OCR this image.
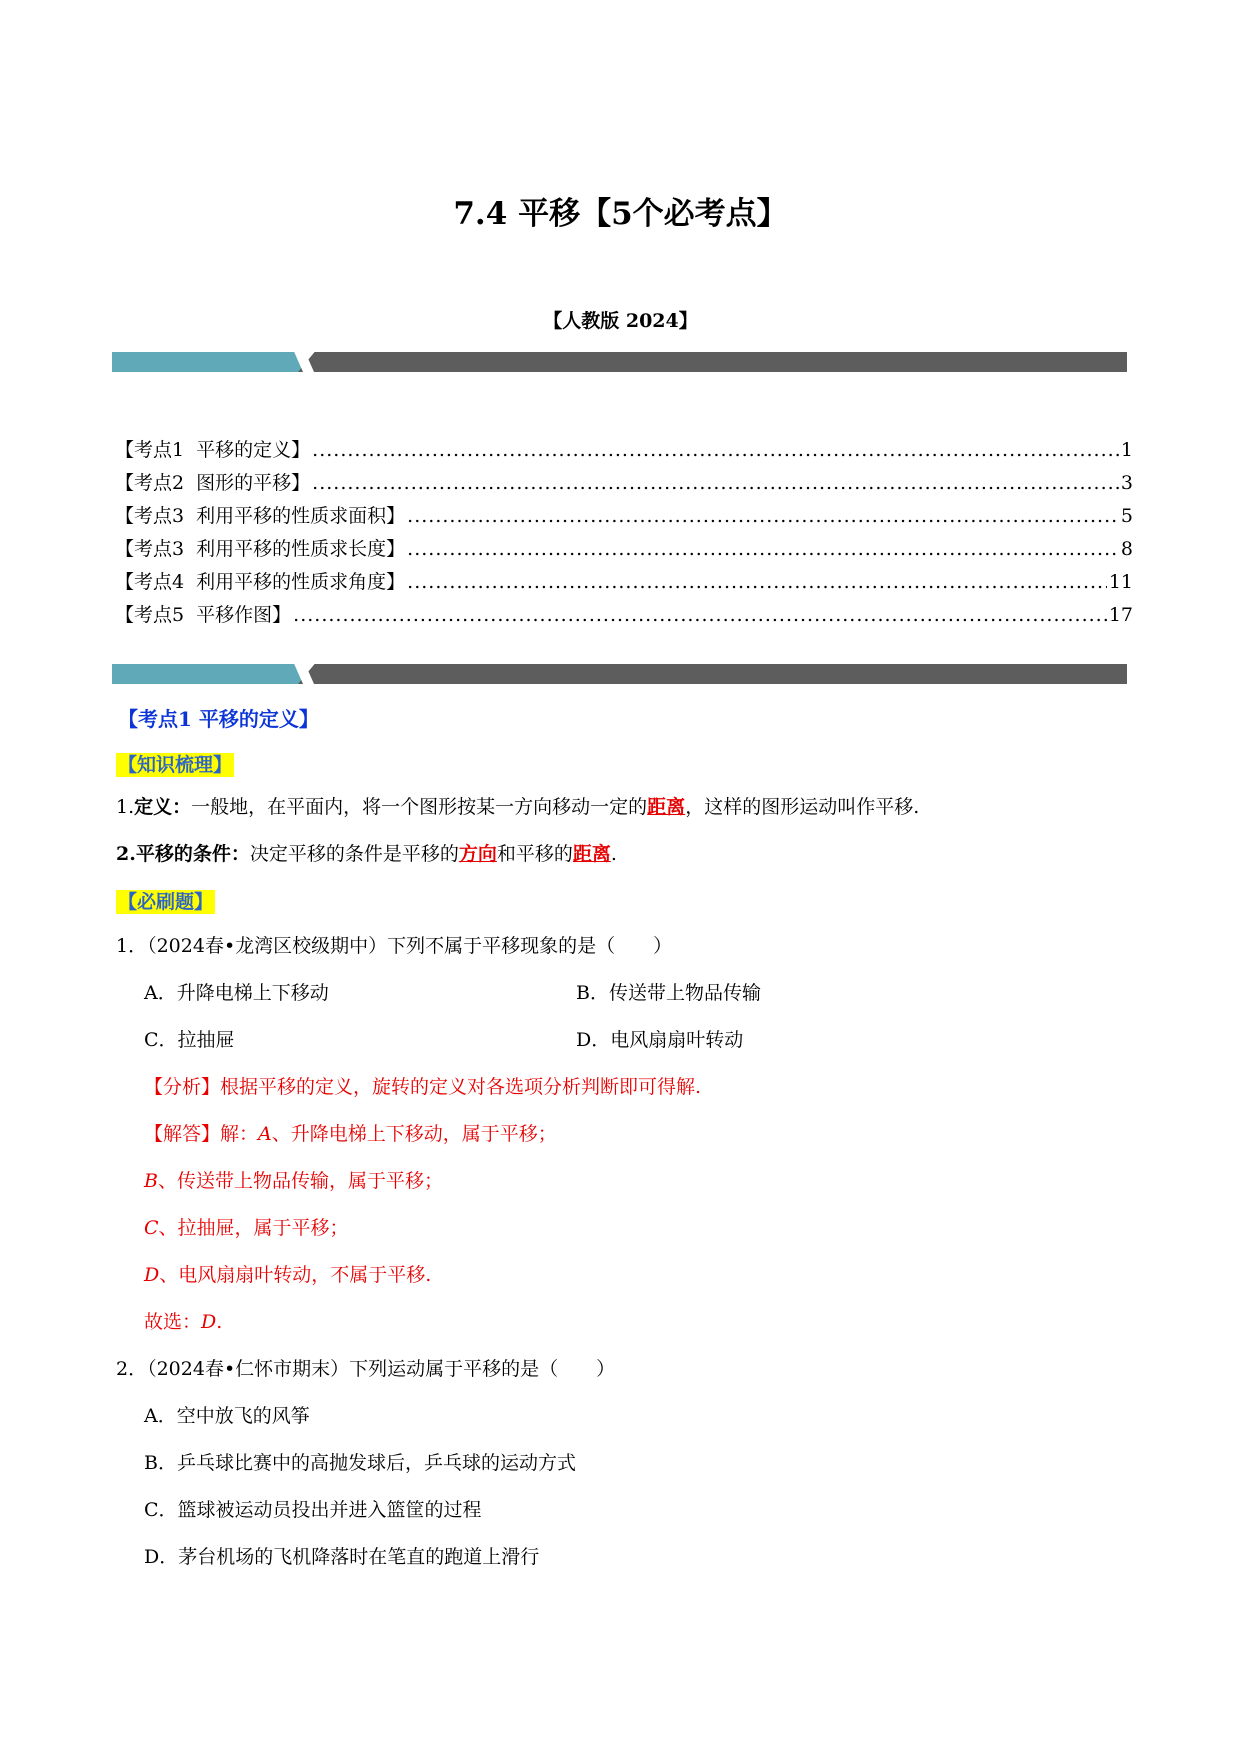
7.4 平移【5个必考点】
【人教版 2024】
【考点1  平移的定义】 .....	1
【考点2  图形的平移】 .....	3
【考点3  利用平移的性质求面积】 .....	5
【考点3  利用平移的性质求长度】 .....	8
【考点4  利用平移的性质求角度】 .....	11
【考点5  平移作图】 .....	17
【考点1 平移的定义】
【知识梳理】
1.定义：一般地，在平面内，将一个图形按某一方向移动一定的距离，这样的图形运动叫作平移.
2.平移的条件：决定平移的条件是平移的方向和平移的距离.
【必刷题】
1．（2024春•龙湾区校级期中）下列不属于平移现象的是（　　）
A．升降电梯上下移动	B．传送带上物品传输
C．拉抽屉	D．电风扇扇叶转动
【分析】根据平移的定义，旋转的定义对各选项分析判断即可得解.
【解答】解：A、升降电梯上下移动，属于平移；
B、传送带上物品传输，属于平移；
C、拉抽屉，属于平移；
D、电风扇扇叶转动，不属于平移.
故选：D.
2．（2024春•仁怀市期末）下列运动属于平移的是（　　）
A．空中放飞的风筝
B．乒乓球比赛中的高抛发球后，乒乓球的运动方式
C．篮球被运动员投出并进入篮筐的过程
D．茅台机场的飞机降落时在笔直的跑道上滑行
